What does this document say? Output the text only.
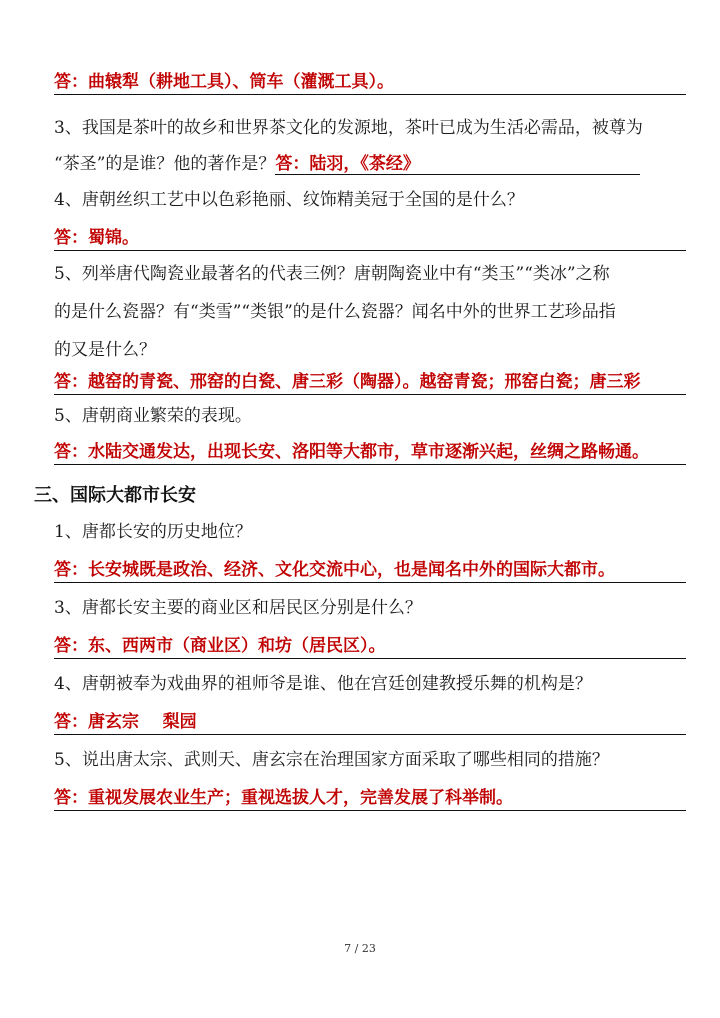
答：曲辕犁（耕地工具）、筒车（灌溉工具）。
3、我国是茶叶的故乡和世界茶文化的发源地，茶叶已成为生活必需品，被尊为
“茶圣”的是谁？他的著作是？答：陆羽，《茶经》
4、唐朝丝织工艺中以色彩艳丽、纹饰精美冠于全国的是什么？
答：蜀锦。
5、列举唐代陶瓷业最著名的代表三例？唐朝陶瓷业中有“类玉”“类冰”之称
的是什么瓷器？有“类雪”“类银”的是什么瓷器？闻名中外的世界工艺珍品指
的又是什么？
答：越窑的青瓷、邢窑的白瓷、唐三彩（陶器）。越窑青瓷；邢窑白瓷；唐三彩
5、唐朝商业繁荣的表现。
答：水陆交通发达，出现长安、洛阳等大都市，草市逐渐兴起，丝绸之路畅通。
三、国际大都市长安
1、唐都长安的历史地位？
答：长安城既是政治、经济、文化交流中心，也是闻名中外的国际大都市。
3、唐都长安主要的商业区和居民区分别是什么？
答：东、西两市（商业区）和坊（居民区）。
4、唐朝被奉为戏曲界的祖师爷是谁、他在宫廷创建教授乐舞的机构是？
答：唐玄宗    梨园
5、说出唐太宗、武则天、唐玄宗在治理国家方面采取了哪些相同的措施？
答：重视发展农业生产；重视选拔人才，完善发展了科举制。
7 / 23
